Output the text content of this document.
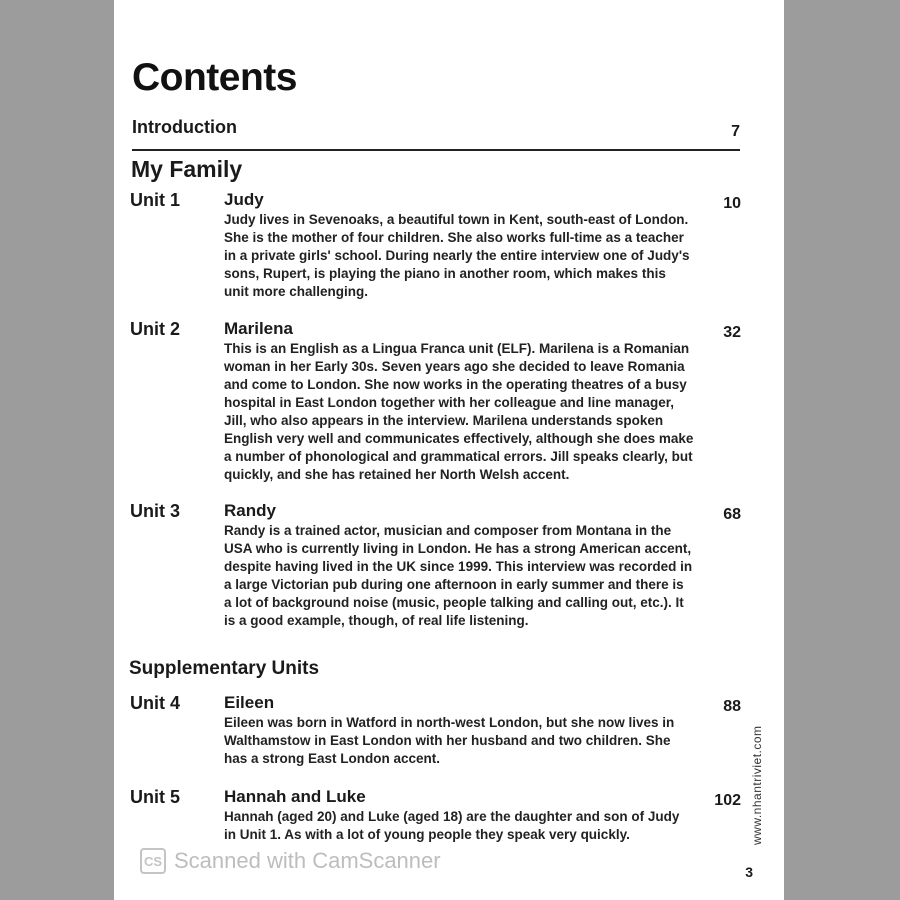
Contents
Introduction	7
My Family
Unit 1	Judy	10

Judy lives in Sevenoaks, a beautiful town in Kent, south-east of London. She is the mother of four children. She also works full-time as a teacher in a private girls' school. During nearly the entire interview one of Judy's sons, Rupert, is playing the piano in another room, which makes this unit more challenging.

Unit 2	Marilena	32

This is an English as a Lingua Franca unit (ELF). Marilena is a Romanian woman in her Early 30s. Seven years ago she decided to leave Romania and come to London. She now works in the operating theatres of a busy hospital in East London together with her colleague and line manager, Jill, who also appears in the interview. Marilena understands spoken English very well and communicates effectively, although she does make a number of phonological and grammatical errors. Jill speaks clearly, but quickly, and she has retained her North Welsh accent.

Unit 3	Randy	68

Randy is a trained actor, musician and composer from Montana in the USA who is currently living in London. He has a strong American accent, despite having lived in the UK since 1999. This interview was recorded in a large Victorian pub during one afternoon in early summer and there is a lot of background noise (music, people talking and calling out, etc.). It is a good example, though, of real life listening.

Supplementary Units
Unit 4	Eileen	88

Eileen was born in Watford in north-west London, but she now lives in Walthamstow in East London with her husband and two children. She has a strong East London accent.

Unit 5	Hannah and Luke	102

Hannah (aged 20) and Luke (aged 18) are the daughter and son of Judy in Unit 1. As with a lot of young people they speak very quickly.	www.nhantriviet.com
CS Scanned with CamScanner	3
